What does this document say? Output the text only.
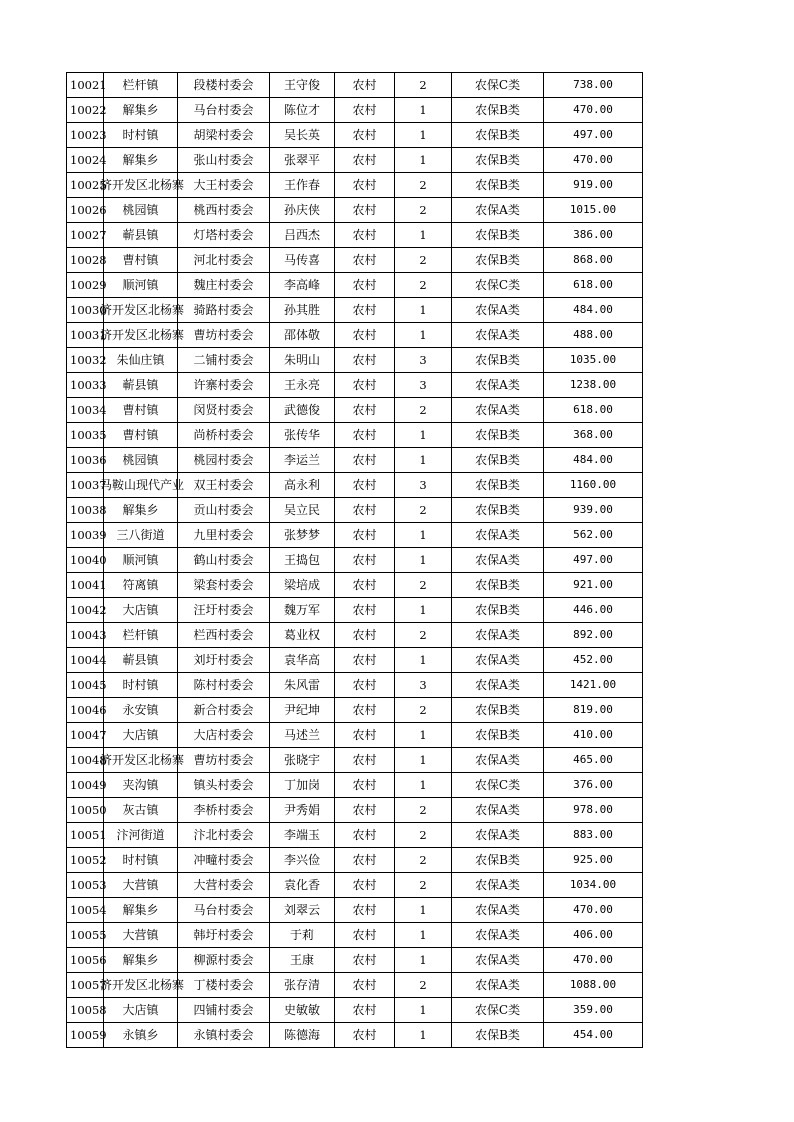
10021	栏杆镇	段楼村委会	王守俊	农村	2	农保C类	738.00
10022	解集乡	马台村委会	陈位才	农村	1	农保B类	470.00
10023	时村镇	胡梁村委会	吴长英	农村	1	农保B类	497.00
10024	解集乡	张山村委会	张翠平	农村	1	农保B类	470.00
10025	济开发区北杨寨	大王村委会	王作春	农村	2	农保B类	919.00
10026	桃园镇	桃西村委会	孙庆侠	农村	2	农保A类	1015.00
10027	蕲县镇	灯塔村委会	吕西杰	农村	1	农保B类	386.00
10028	曹村镇	河北村委会	马传喜	农村	2	农保B类	868.00
10029	顺河镇	魏庄村委会	李高峰	农村	2	农保C类	618.00
10030	济开发区北杨寨	骑路村委会	孙其胜	农村	1	农保A类	484.00
10031	济开发区北杨寨	曹坊村委会	邵体敬	农村	1	农保A类	488.00
10032	朱仙庄镇	二铺村委会	朱明山	农村	3	农保B类	1035.00
10033	蕲县镇	许寨村委会	王永亮	农村	3	农保A类	1238.00
10034	曹村镇	闵贤村委会	武德俊	农村	2	农保A类	618.00
10035	曹村镇	尚桥村委会	张传华	农村	1	农保B类	368.00
10036	桃园镇	桃园村委会	李运兰	农村	1	农保B类	484.00
10037	马鞍山现代产业	双王村委会	高永利	农村	3	农保B类	1160.00
10038	解集乡	贡山村委会	吴立民	农村	2	农保B类	939.00
10039	三八街道	九里村委会	张梦梦	农村	1	农保A类	562.00
10040	顺河镇	鹤山村委会	王捣包	农村	1	农保A类	497.00
10041	符离镇	梁套村委会	梁培成	农村	2	农保B类	921.00
10042	大店镇	汪圩村委会	魏万军	农村	1	农保B类	446.00
10043	栏杆镇	栏西村委会	葛业权	农村	2	农保A类	892.00
10044	蕲县镇	刘圩村委会	袁华高	农村	1	农保A类	452.00
10045	时村镇	陈村村委会	朱风雷	农村	3	农保A类	1421.00
10046	永安镇	新合村委会	尹纪坤	农村	2	农保B类	819.00
10047	大店镇	大店村委会	马述兰	农村	1	农保B类	410.00
10048	济开发区北杨寨	曹坊村委会	张晓宇	农村	1	农保A类	465.00
10049	夹沟镇	镇头村委会	丁加岗	农村	1	农保C类	376.00
10050	灰古镇	李桥村委会	尹秀娟	农村	2	农保A类	978.00
10051	汴河街道	汴北村委会	李端玉	农村	2	农保A类	883.00
10052	时村镇	冲疃村委会	李兴俭	农村	2	农保B类	925.00
10053	大营镇	大营村委会	袁化香	农村	2	农保A类	1034.00
10054	解集乡	马台村委会	刘翠云	农村	1	农保A类	470.00
10055	大营镇	韩圩村委会	于莉	农村	1	农保A类	406.00
10056	解集乡	柳源村委会	王康	农村	1	农保A类	470.00
10057	济开发区北杨寨	丁楼村委会	张存清	农村	2	农保A类	1088.00
10058	大店镇	四铺村委会	史敏敏	农村	1	农保C类	359.00
10059	永镇乡	永镇村委会	陈德海	农村	1	农保B类	454.00
